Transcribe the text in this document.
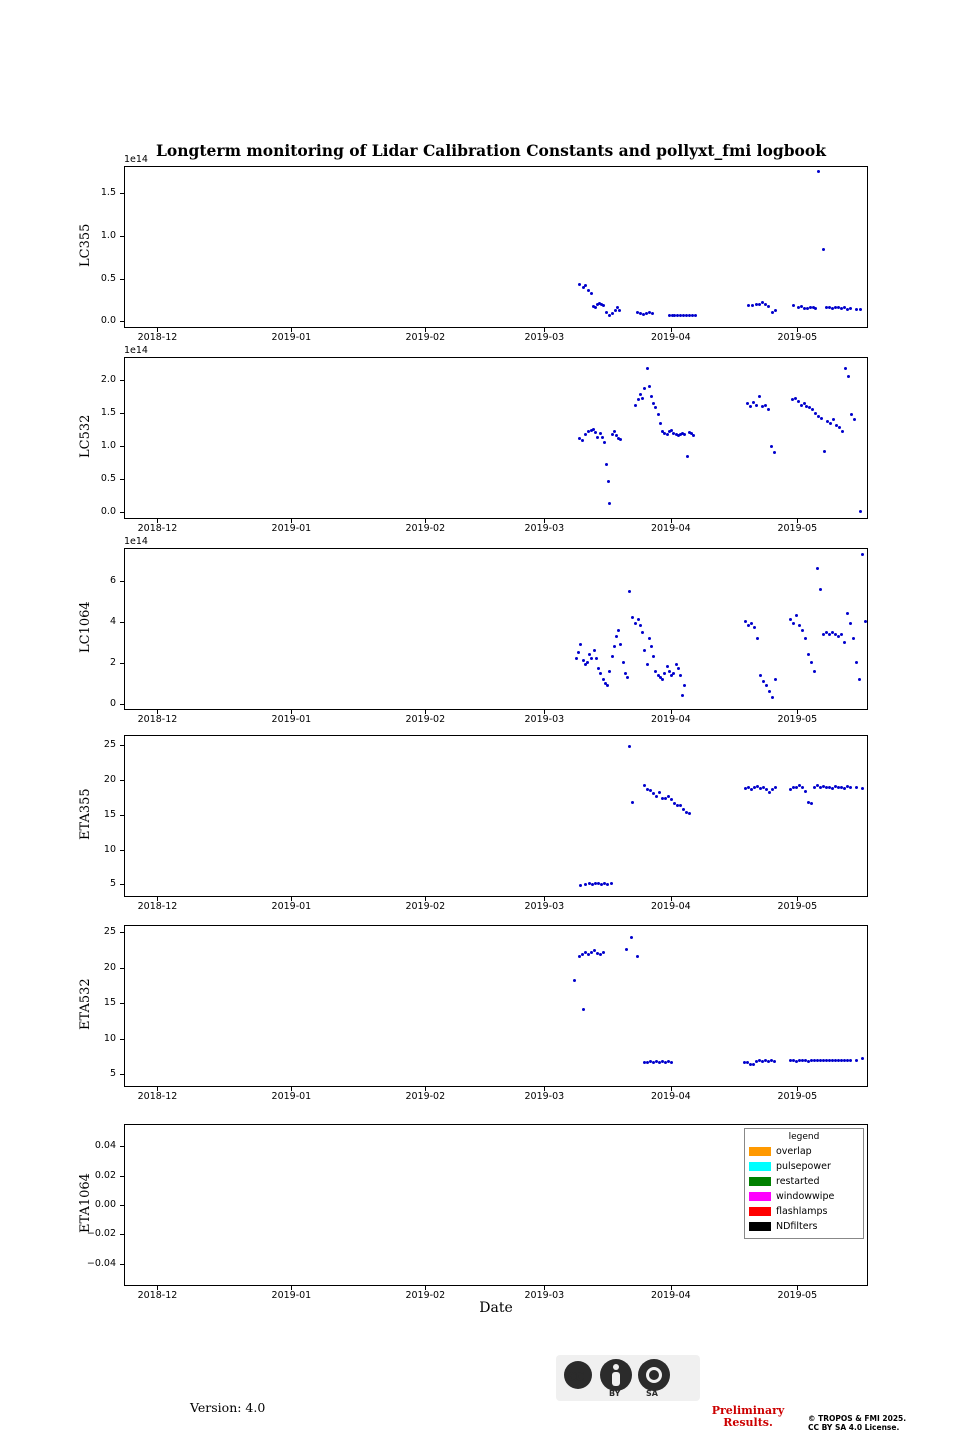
Longterm monitoring of Lidar Calibration Constants and pollyxt_fmi logbook
1e14
LC355
0.0
0.5
1.0
1.5
2018-12	2019-01	2019-02	2019-03	2019-04	2019-05
1e14
LC532
0.0
0.5
1.0
1.5
2.0
2018-12	2019-01	2019-02	2019-03	2019-04	2019-05
1e14
LC1064
0
2
4
6
2018-12	2019-01	2019-02	2019-03	2019-04	2019-05
ETA355
5
10
15
20
25
2018-12	2019-01	2019-02	2019-03	2019-04	2019-05
ETA532
5
10
15
20
25
2018-12	2019-01	2019-02	2019-03	2019-04	2019-05
ETA1064
−0.04
−0.02
0.00
0.02
0.04
2018-12	2019-01	2019-02	2019-03	2019-04	2019-05
Date
legend
overlap
pulsepower
restarted
windowwipe
flashlamps
NDfilters
Version: 4.0
CC
BY	SA
Preliminary
Results.	© TROPOS & FMI 2025.
CC BY SA 4.0 License.
